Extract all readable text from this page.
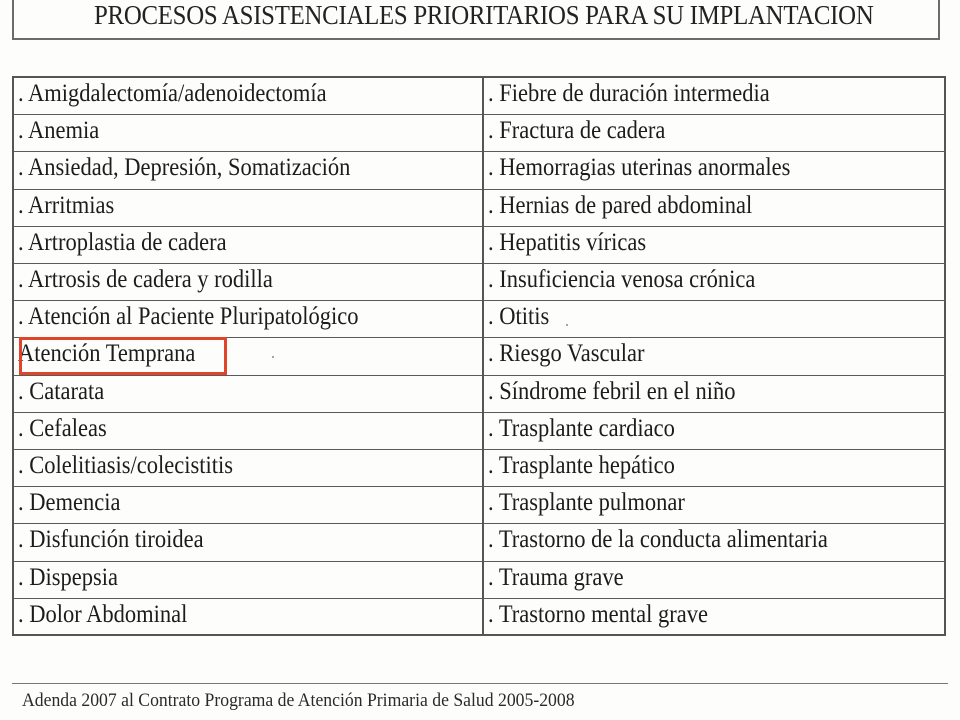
PROCESOS ASISTENCIALES PRIORITARIOS PARA SU IMPLANTACION
. Amigdalectomía/adenoidectomía
. Anemia
. Ansiedad, Depresión, Somatización
. Arritmias
. Artroplastia de cadera
. Artrosis de cadera y rodilla
. Atención al Paciente Pluripatológico
Atención Temprana
. Catarata
. Cefaleas
. Colelitiasis/colecistitis
. Demencia
. Disfunción tiroidea
. Dispepsia
. Dolor Abdominal
. Fiebre de duración intermedia
. Fractura de cadera
. Hemorragias uterinas anormales
. Hernias de pared abdominal
. Hepatitis víricas
. Insuficiencia venosa crónica
. Otitis
. Riesgo Vascular
. Síndrome febril en el niño
. Trasplante cardiaco
. Trasplante hepático
. Trasplante pulmonar
. Trastorno de la conducta alimentaria
. Trauma grave
. Trastorno mental grave
Adenda 2007 al Contrato Programa de Atención Primaria de Salud 2005-2008
